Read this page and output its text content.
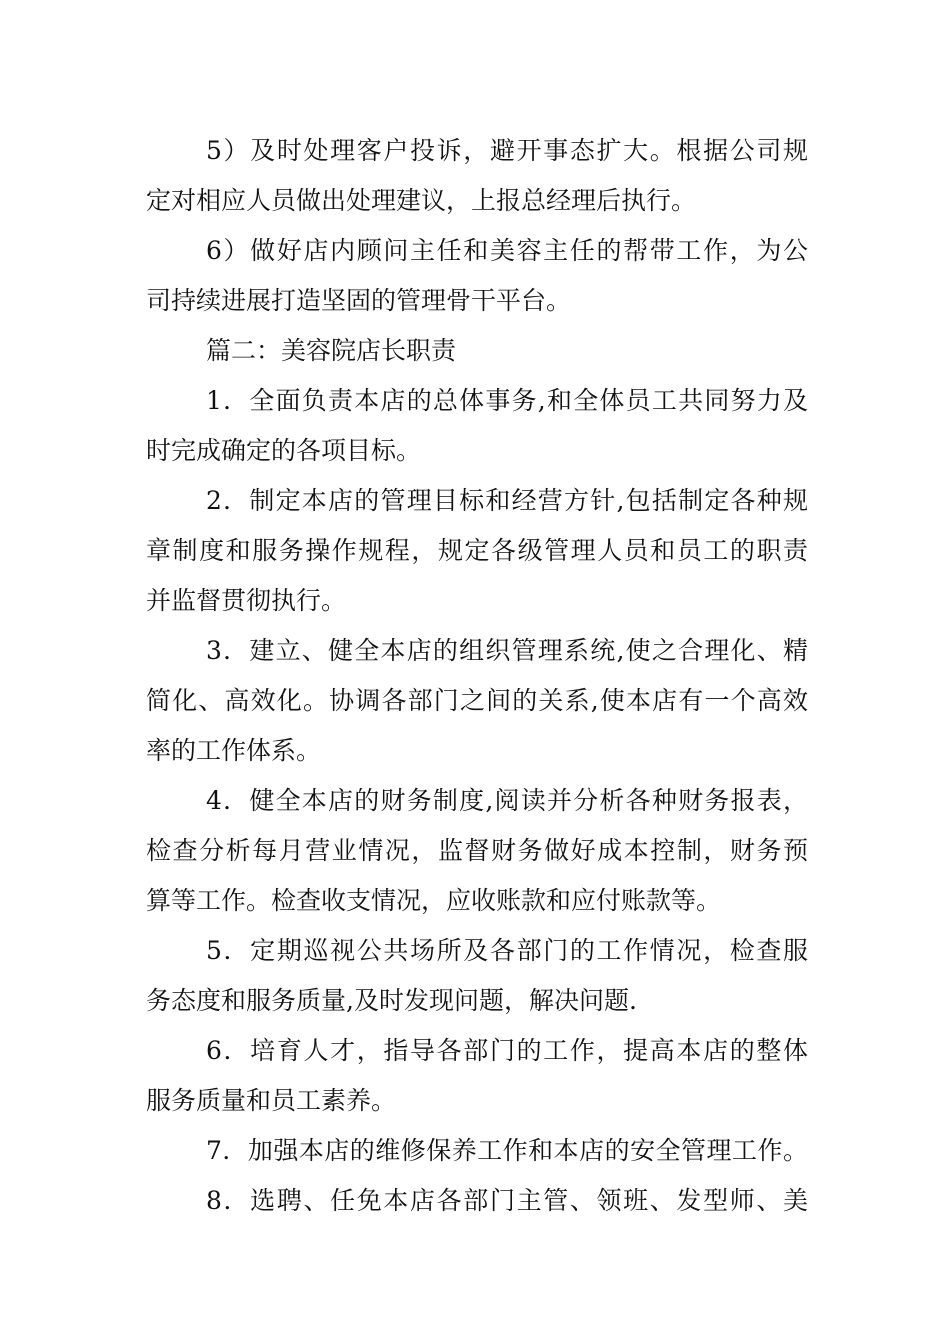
5）及时处理客户投诉，避开事态扩大。根据公司规
定对相应人员做出处理建议，上报总经理后执行。
6）做好店内顾问主任和美容主任的帮带工作，为公
司持续进展打造坚固的管理骨干平台。
篇二：美容院店长职责
1．全面负责本店的总体事务,和全体员工共同努力及
时完成确定的各项目标。
2．制定本店的管理目标和经营方针,包括制定各种规
章制度和服务操作规程，规定各级管理人员和员工的职责
并监督贯彻执行。
3．建立、健全本店的组织管理系统,使之合理化、精
简化、高效化。协调各部门之间的关系,使本店有一个高效
率的工作体系。
4．健全本店的财务制度,阅读并分析各种财务报表，
检查分析每月营业情况，监督财务做好成本控制，财务预
算等工作。检查收支情况，应收账款和应付账款等。
5．定期巡视公共场所及各部门的工作情况，检查服
务态度和服务质量,及时发现问题，解决问题.
6．培育人才，指导各部门的工作，提高本店的整体
服务质量和员工素养。
7．加强本店的维修保养工作和本店的安全管理工作。
8．选聘、任免本店各部门主管、领班、发型师、美
